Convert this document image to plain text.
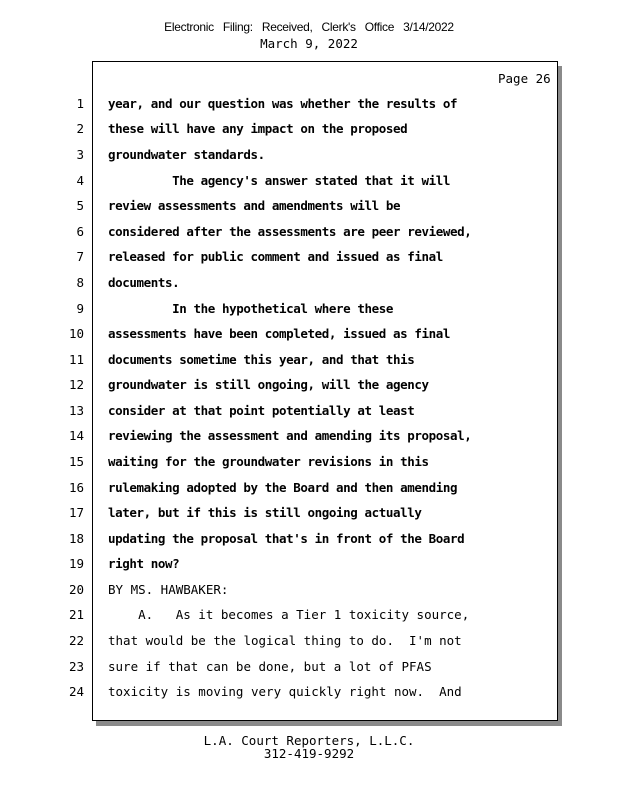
Electronic Filing: Received, Clerk's Office 3/14/2022
March 9, 2022
Page 26
1 year, and our question was whether the results of
2 these will have any impact on the proposed
3 groundwater standards.
4 The agency's answer stated that it will
5 review assessments and amendments will be
6 considered after the assessments are peer reviewed,
7 released for public comment and issued as final
8 documents.
9 In the hypothetical where these
10 assessments have been completed, issued as final
11 documents sometime this year, and that this
12 groundwater is still ongoing, will the agency
13 consider at that point potentially at least
14 reviewing the assessment and amending its proposal,
15 waiting for the groundwater revisions in this
16 rulemaking adopted by the Board and then amending
17 later, but if this is still ongoing actually
18 updating the proposal that's in front of the Board
19 right now?
20 BY MS. HAWBAKER:
21 A.   As it becomes a Tier 1 toxicity source,
22 that would be the logical thing to do.  I'm not
23 sure if that can be done, but a lot of PFAS
24 toxicity is moving very quickly right now.  And
L.A. Court Reporters, L.L.C.
312-419-9292
